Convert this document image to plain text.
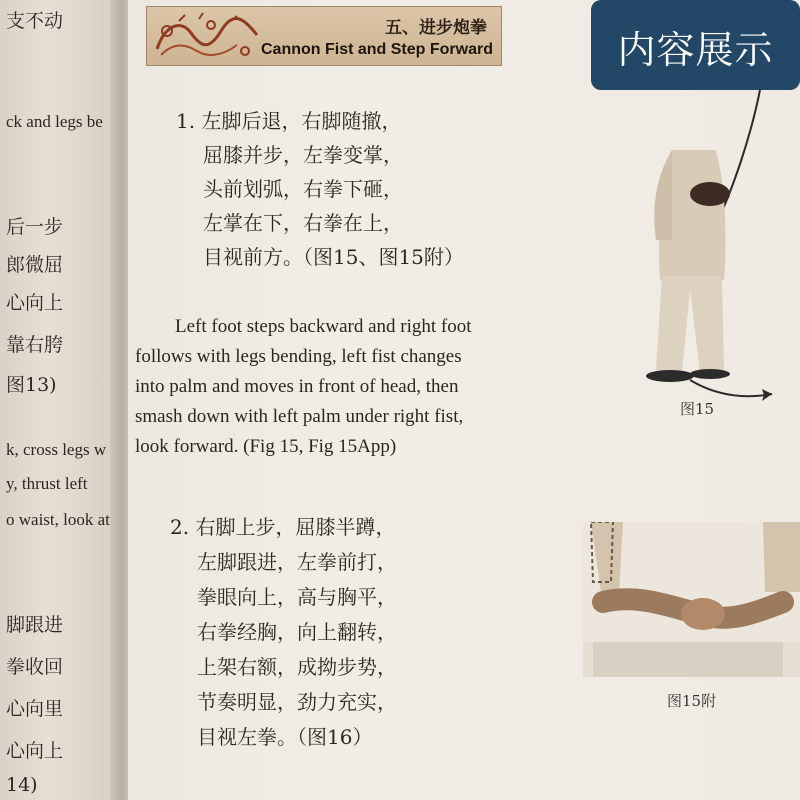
支不动
ck and legs be
后一步
郎微屈
心向上
靠右胯
图13)
k, cross legs w
y, thrust left
o waist, look at
脚跟进
拳收回
心向里
心向上
14)
五、进步炮拳
Cannon Fist and Step Forward	内容展示
1. 左脚后退，右脚随撤，
屈膝并步，左拳变掌，
头前划弧，右拳下砸，
左掌在下，右拳在上，
目视前方。（图15、图15附）
Left foot steps backward and right foot
follows with legs bending, left fist changes
into palm and moves in front of head, then
smash down with left palm under right fist,
look forward. (Fig 15, Fig 15App)
2. 右脚上步，屈膝半蹲，
左脚跟进，左拳前打，
拳眼向上，高与胸平，
右拳经胸，向上翻转，
上架右额，成拗步势，
节奏明显，劲力充实，
目视左拳。（图16）
图15
图15附
